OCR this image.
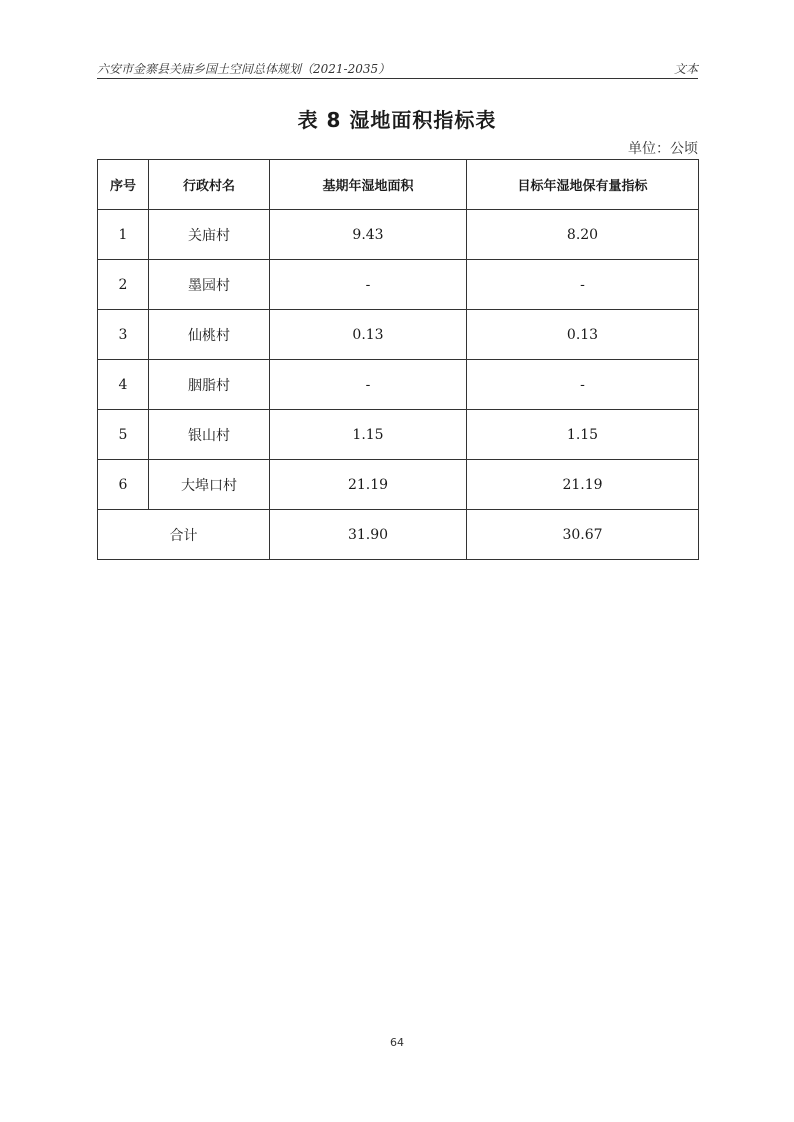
六安市金寨县关庙乡国土空间总体规划（2021-2035）	文本
表 8 湿地面积指标表
单位：公顷
序号	行政村名	基期年湿地面积	目标年湿地保有量指标
1	关庙村	9.43	8.20
2	墨园村	-	-
3	仙桃村	0.13	0.13
4	胭脂村	-	-
5	银山村	1.15	1.15
6	大埠口村	21.19	21.19
合计		31.90	30.67
64
